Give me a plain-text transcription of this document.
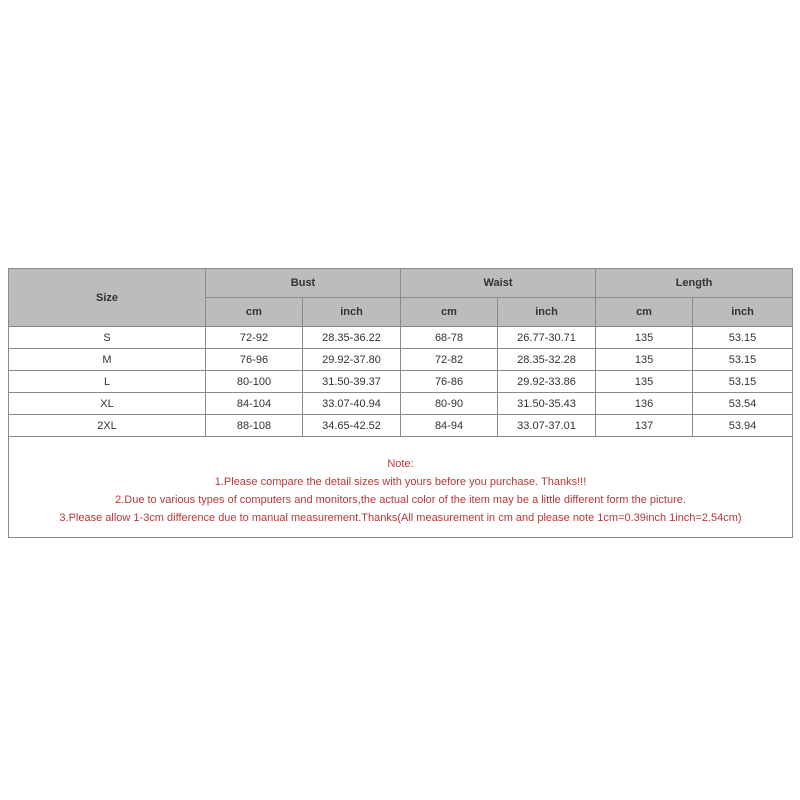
Size	Bust		Waist		Length	
	cm	inch	cm	inch	cm	inch
S	72-92	28.35-36.22	68-78	26.77-30.71	135	53.15
M	76-96	29.92-37.80	72-82	28.35-32.28	135	53.15
L	80-100	31.50-39.37	76-86	29.92-33.86	135	53.15
XL	84-104	33.07-40.94	80-90	31.50-35.43	136	53.54
2XL	88-108	34.65-42.52	84-94	33.07-37.01	137	53.94

Note:
1.Please compare the detail sizes with yours before you purchase. Thanks!!!
2.Due to various types of computers and monitors,the actual color of the item may be a little different form the picture.
3.Please allow 1-3cm difference due to manual measurement.Thanks(All measurement in cm and please note 1cm=0.39inch 1inch=2.54cm)						
